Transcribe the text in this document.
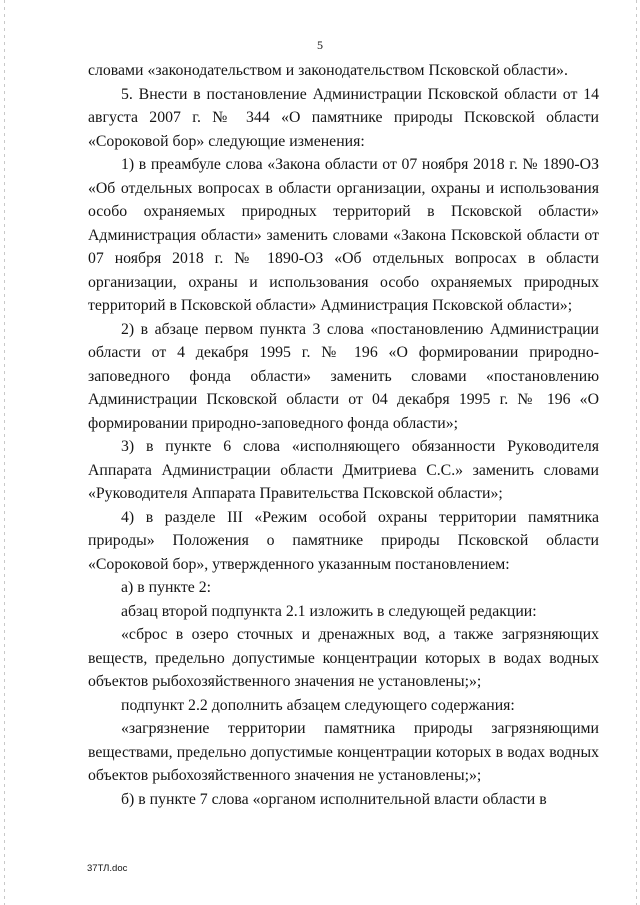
5

словами «законодательством и законодательством Псковской области».

5. Внести в постановление Администрации Псковской области от 14 августа 2007 г. № 344 «О памятнике природы Псковской области «Сороковой бор» следующие изменения:

1) в преамбуле слова «Закона области от 07 ноября 2018 г. № 1890-ОЗ «Об отдельных вопросах в области организации, охраны и использования особо охраняемых природных территорий в Псковской области» Администрация области» заменить словами «Закона Псковской области от 07 ноября 2018 г. № 1890-ОЗ «Об отдельных вопросах в области организации, охраны и использования особо охраняемых природных территорий в Псковской области» Администрация Псковской области»;

2) в абзаце первом пункта 3 слова «постановлению Администрации области от 4 декабря 1995 г. № 196 «О формировании природно-заповедного фонда области» заменить словами «постановлению Администрации Псковской области от 04 декабря 1995 г. № 196 «О формировании природно-заповедного фонда области»;

3) в пункте 6 слова «исполняющего обязанности Руководителя Аппарата Администрации области Дмитриева С.С.» заменить словами «Руководителя Аппарата Правительства Псковской области»;

4) в разделе III «Режим особой охраны территории памятника природы» Положения о памятнике природы Псковской области «Сороковой бор», утвержденного указанным постановлением:

а) в пункте 2:

абзац второй подпункта 2.1 изложить в следующей редакции:

«сброс в озеро сточных и дренажных вод, а также загрязняющих веществ, предельно допустимые концентрации которых в водах водных объектов рыбохозяйственного значения не установлены;»;

подпункт 2.2 дополнить абзацем следующего содержания:

«загрязнение территории памятника природы загрязняющими веществами, предельно допустимые концентрации которых в водах водных объектов рыбохозяйственного значения не установлены;»;

б) в пункте 7 слова «органом исполнительной власти области в

37ТЛ.doc
